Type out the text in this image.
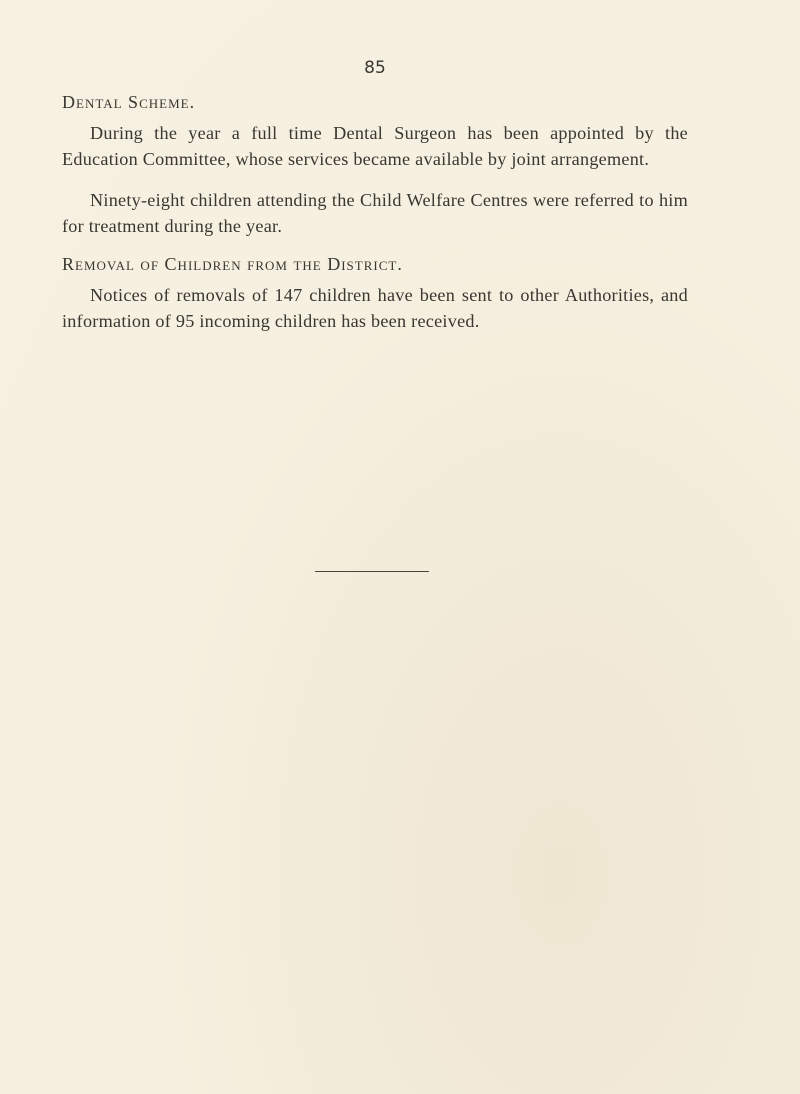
85
Dental Scheme.

During the year a full time Dental Surgeon has been appointed by the Education Committee, whose services became available by joint arrangement.

Ninety-eight children attending the Child Welfare Centres were referred to him for treatment during the year.

Removal of Children from the District.

Notices of removals of 147 children have been sent to other Authorities, and information of 95 incoming children has been received.
